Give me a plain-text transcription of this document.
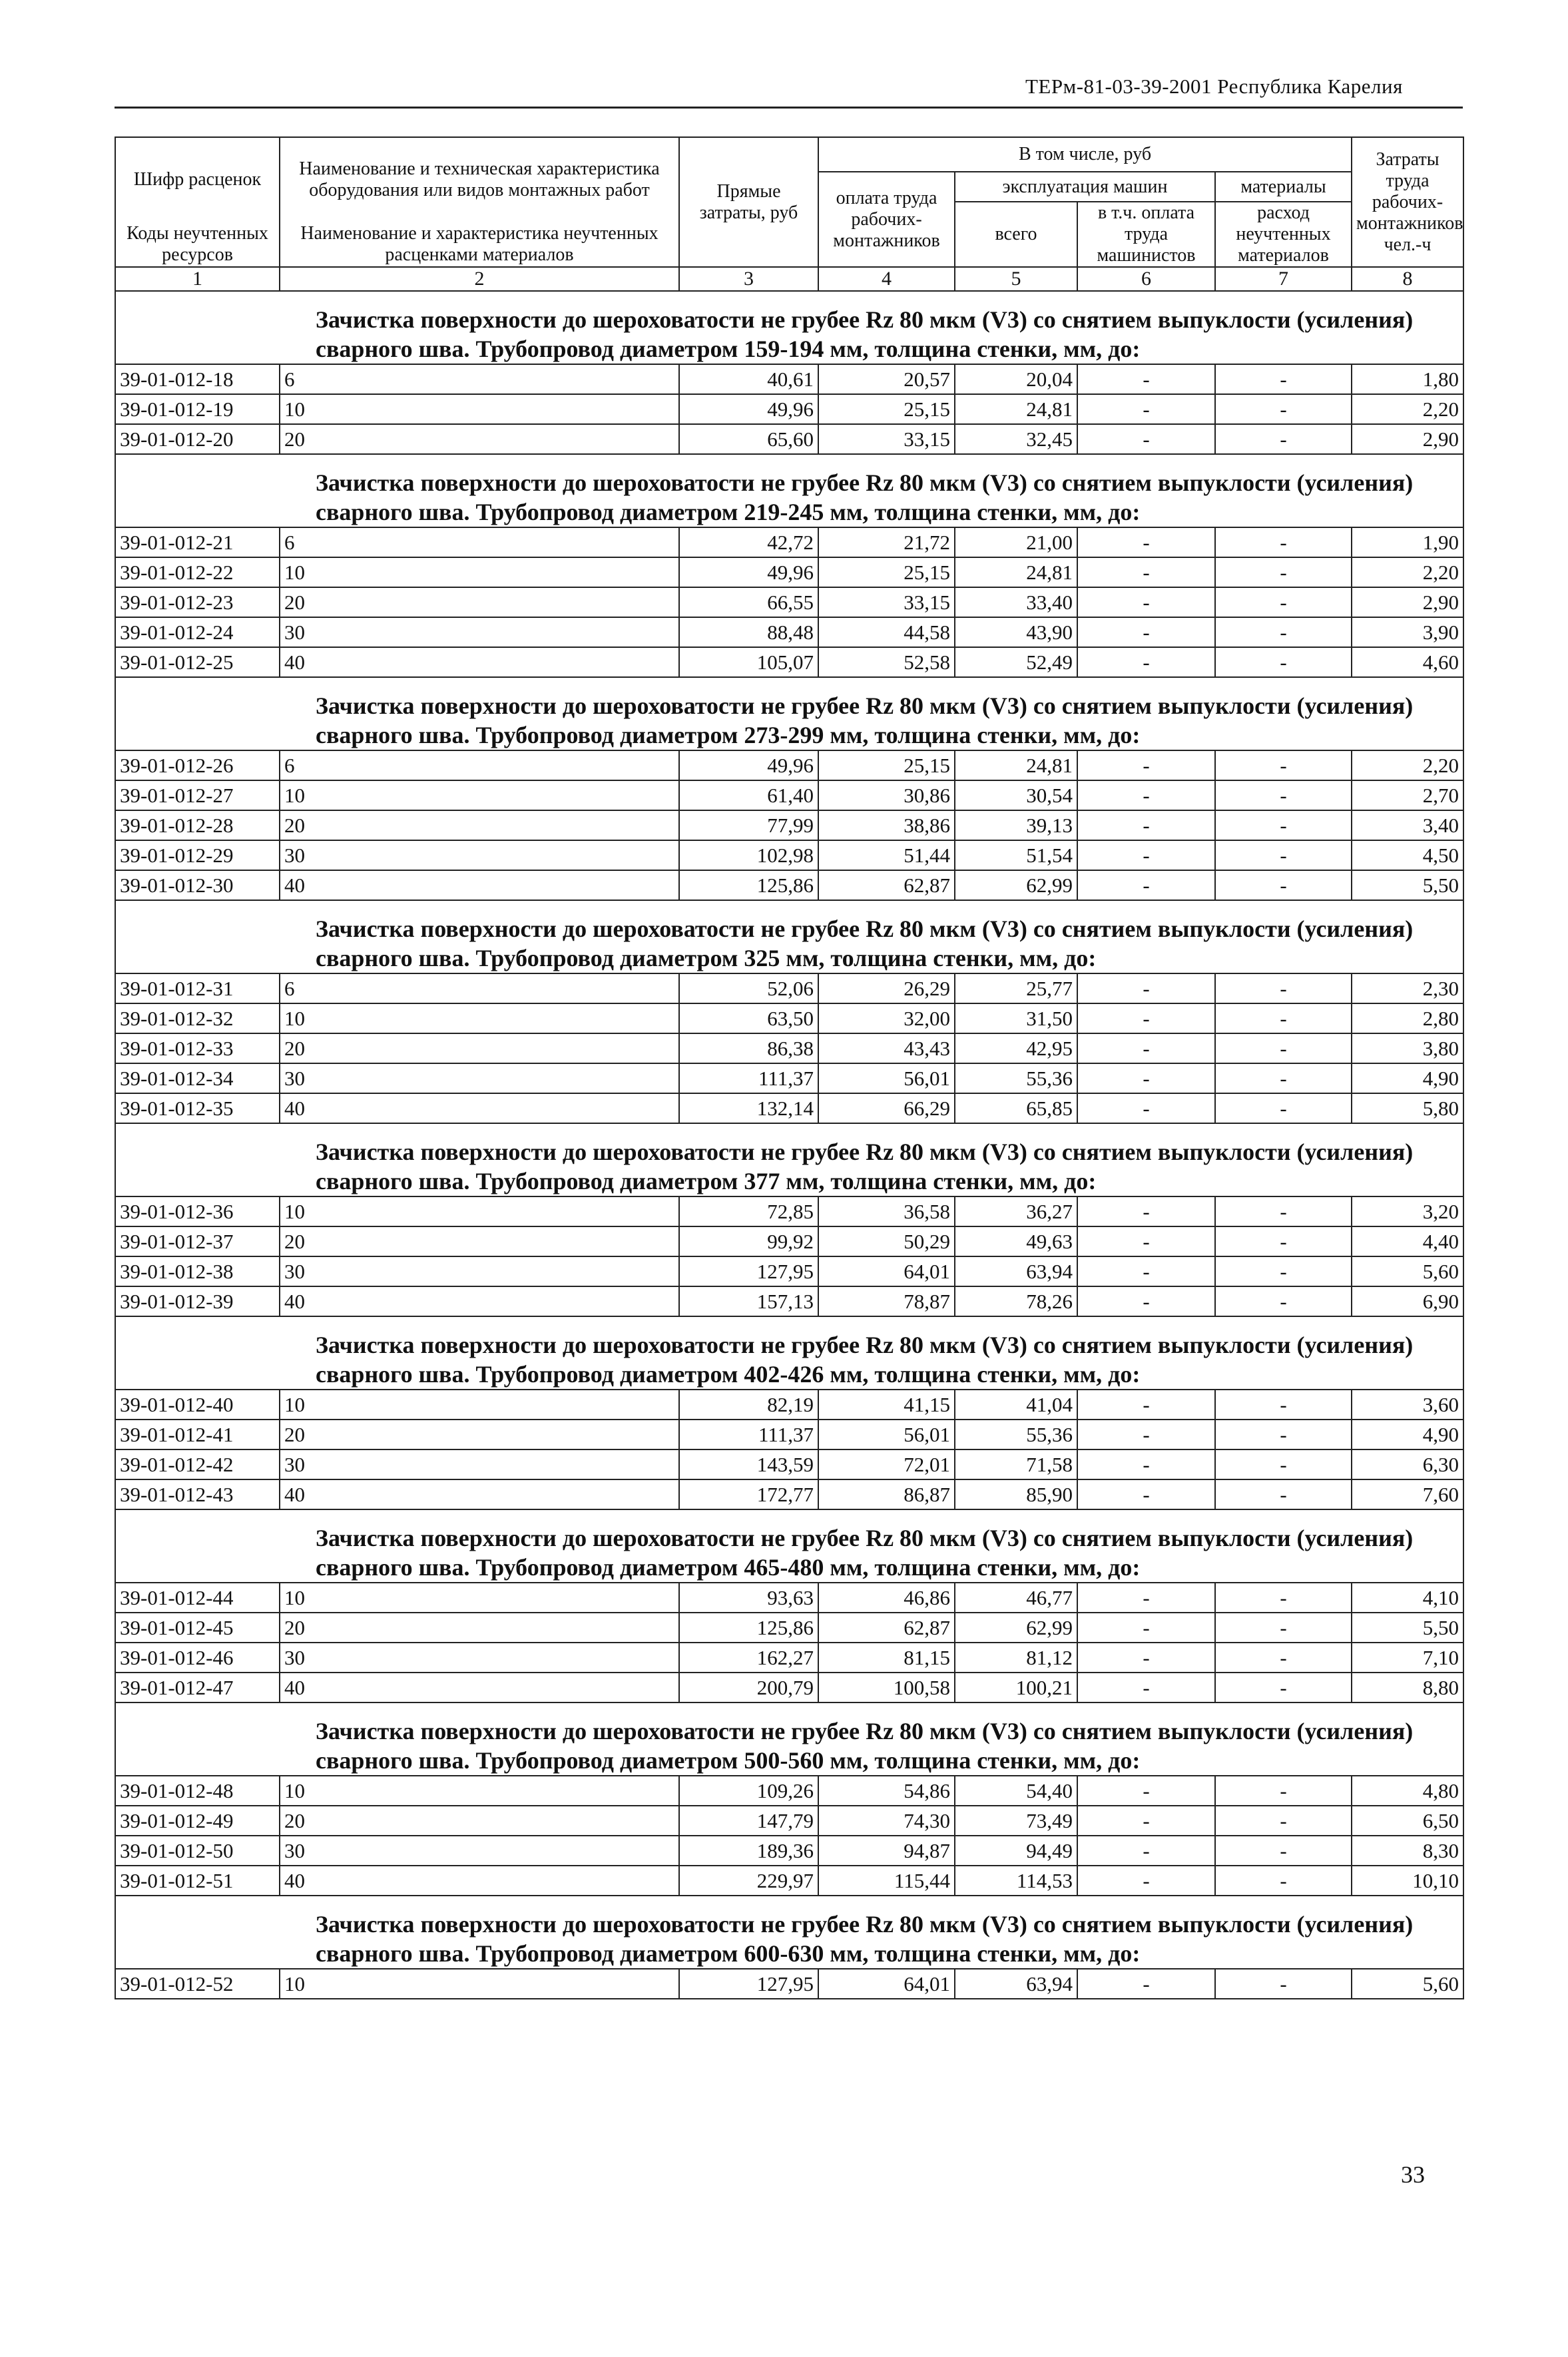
ТЕРм-81-03-39-2001 Республика Карелия
Шифр расценок	Наименование и техническая характеристика оборудования или видов монтажных работ	Прямые затраты, руб	В том числе, руб				Затраты труда рабочих-монтажников чел.-ч
			оплата труда рабочих-монтажников	эксплуатация машин		материалы	
				всего	в т.ч. оплата труда машинистов	расход неучтенных материалов	
Коды неучтенных ресурсов	Наименование и характеристика неучтенных расценками материалов						

1	2	3	4	5	6	7	8

Зачистка поверхности до шероховатости не грубее Rz 80 мкм (V3) со снятием выпуклости (усиления) сварного шва. Трубопровод диаметром 159-194 мм, толщина стенки, мм, до:							

39-01-012-18	6	40,61	20,57	20,04	-	-	1,80
39-01-012-19	10	49,96	25,15	24,81	-	-	2,20
39-01-012-20	20	65,60	33,15	32,45	-	-	2,90

Зачистка поверхности до шероховатости не грубее Rz 80 мкм (V3) со снятием выпуклости (усиления) сварного шва. Трубопровод диаметром 219-245 мм, толщина стенки, мм, до:							

39-01-012-21	6	42,72	21,72	21,00	-	-	1,90
39-01-012-22	10	49,96	25,15	24,81	-	-	2,20
39-01-012-23	20	66,55	33,15	33,40	-	-	2,90
39-01-012-24	30	88,48	44,58	43,90	-	-	3,90
39-01-012-25	40	105,07	52,58	52,49	-	-	4,60

Зачистка поверхности до шероховатости не грубее Rz 80 мкм (V3) со снятием выпуклости (усиления) сварного шва. Трубопровод диаметром 273-299 мм, толщина стенки, мм, до:							

39-01-012-26	6	49,96	25,15	24,81	-	-	2,20
39-01-012-27	10	61,40	30,86	30,54	-	-	2,70
39-01-012-28	20	77,99	38,86	39,13	-	-	3,40
39-01-012-29	30	102,98	51,44	51,54	-	-	4,50
39-01-012-30	40	125,86	62,87	62,99	-	-	5,50

Зачистка поверхности до шероховатости не грубее Rz 80 мкм (V3) со снятием выпуклости (усиления) сварного шва. Трубопровод диаметром 325 мм, толщина стенки, мм, до:							

39-01-012-31	6	52,06	26,29	25,77	-	-	2,30
39-01-012-32	10	63,50	32,00	31,50	-	-	2,80
39-01-012-33	20	86,38	43,43	42,95	-	-	3,80
39-01-012-34	30	111,37	56,01	55,36	-	-	4,90
39-01-012-35	40	132,14	66,29	65,85	-	-	5,80

Зачистка поверхности до шероховатости не грубее Rz 80 мкм (V3) со снятием выпуклости (усиления) сварного шва. Трубопровод диаметром 377 мм, толщина стенки, мм, до:							

39-01-012-36	10	72,85	36,58	36,27	-	-	3,20
39-01-012-37	20	99,92	50,29	49,63	-	-	4,40
39-01-012-38	30	127,95	64,01	63,94	-	-	5,60
39-01-012-39	40	157,13	78,87	78,26	-	-	6,90

Зачистка поверхности до шероховатости не грубее Rz 80 мкм (V3) со снятием выпуклости (усиления) сварного шва. Трубопровод диаметром 402-426 мм, толщина стенки, мм, до:							

39-01-012-40	10	82,19	41,15	41,04	-	-	3,60
39-01-012-41	20	111,37	56,01	55,36	-	-	4,90
39-01-012-42	30	143,59	72,01	71,58	-	-	6,30
39-01-012-43	40	172,77	86,87	85,90	-	-	7,60

Зачистка поверхности до шероховатости не грубее Rz 80 мкм (V3) со снятием выпуклости (усиления) сварного шва. Трубопровод диаметром 465-480 мм, толщина стенки, мм, до:							

39-01-012-44	10	93,63	46,86	46,77	-	-	4,10
39-01-012-45	20	125,86	62,87	62,99	-	-	5,50
39-01-012-46	30	162,27	81,15	81,12	-	-	7,10
39-01-012-47	40	200,79	100,58	100,21	-	-	8,80

Зачистка поверхности до шероховатости не грубее Rz 80 мкм (V3) со снятием выпуклости (усиления) сварного шва. Трубопровод диаметром 500-560 мм, толщина стенки, мм, до:							

39-01-012-48	10	109,26	54,86	54,40	-	-	4,80
39-01-012-49	20	147,79	74,30	73,49	-	-	6,50
39-01-012-50	30	189,36	94,87	94,49	-	-	8,30
39-01-012-51	40	229,97	115,44	114,53	-	-	10,10

Зачистка поверхности до шероховатости не грубее Rz 80 мкм (V3) со снятием выпуклости (усиления) сварного шва. Трубопровод диаметром 600-630 мм, толщина стенки, мм, до:							

39-01-012-52	10	127,95	64,01	63,94	-	-	5,60
33
